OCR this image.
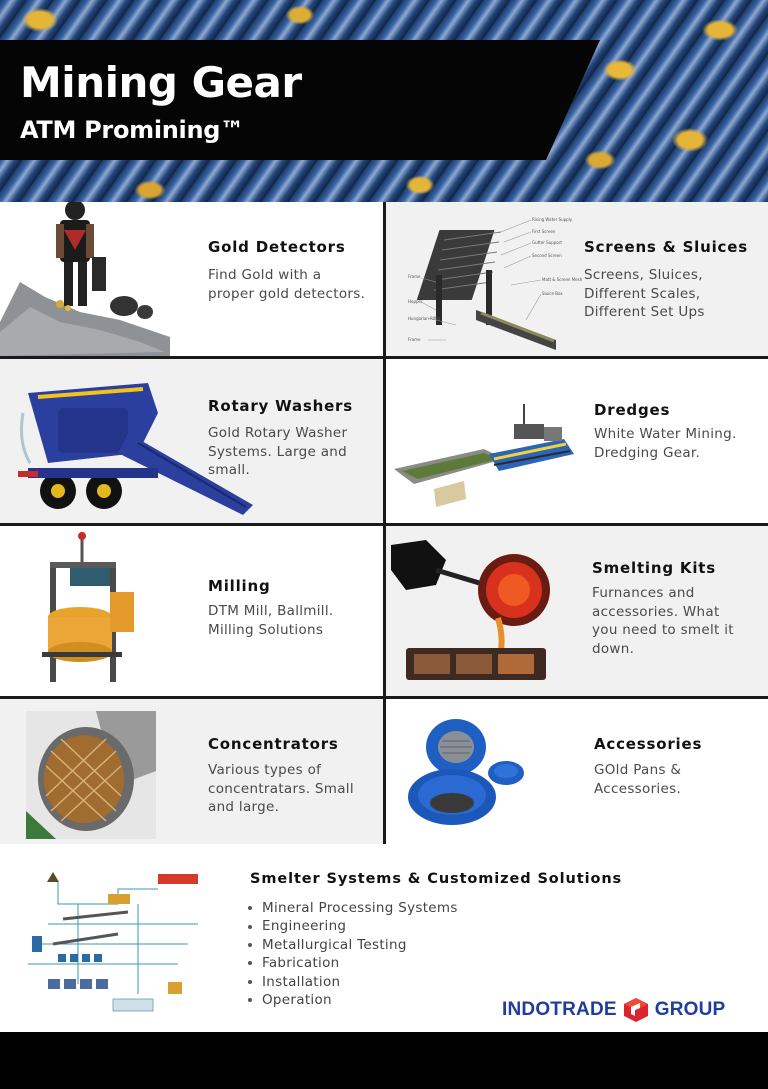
Mining Gear
ATM Promining™
Gold Detectors
Find Gold with a
proper gold detectors.
Rising Water Supply
First Screen
Gutter Support
Second Screen
Frame
Hopper
Hungarian Riffle
Matt & Screen Mesh
Sluice Box
Frame
Screens & Sluices
Screens, Sluices,
Different Scales,
Different Set Ups
Rotary Washers
Gold Rotary Washer
Systems. Large and
small.
Dredges
White Water Mining.
Dredging Gear.
Milling
DTM Mill, Ballmill.
Milling Solutions
Smelting Kits
Furnances and
accessories. What
you need to smelt it
down.
Concentrators
Various types of
concentratars. Small
and large.
Accessories
GOld Pans &
Accessories.
Smelter Systems & Customized Solutions
Mineral Processing Systems
Engineering
Metallurgical Testing
Fabrication
Installation
Operation	INDOTRADE GROUP
